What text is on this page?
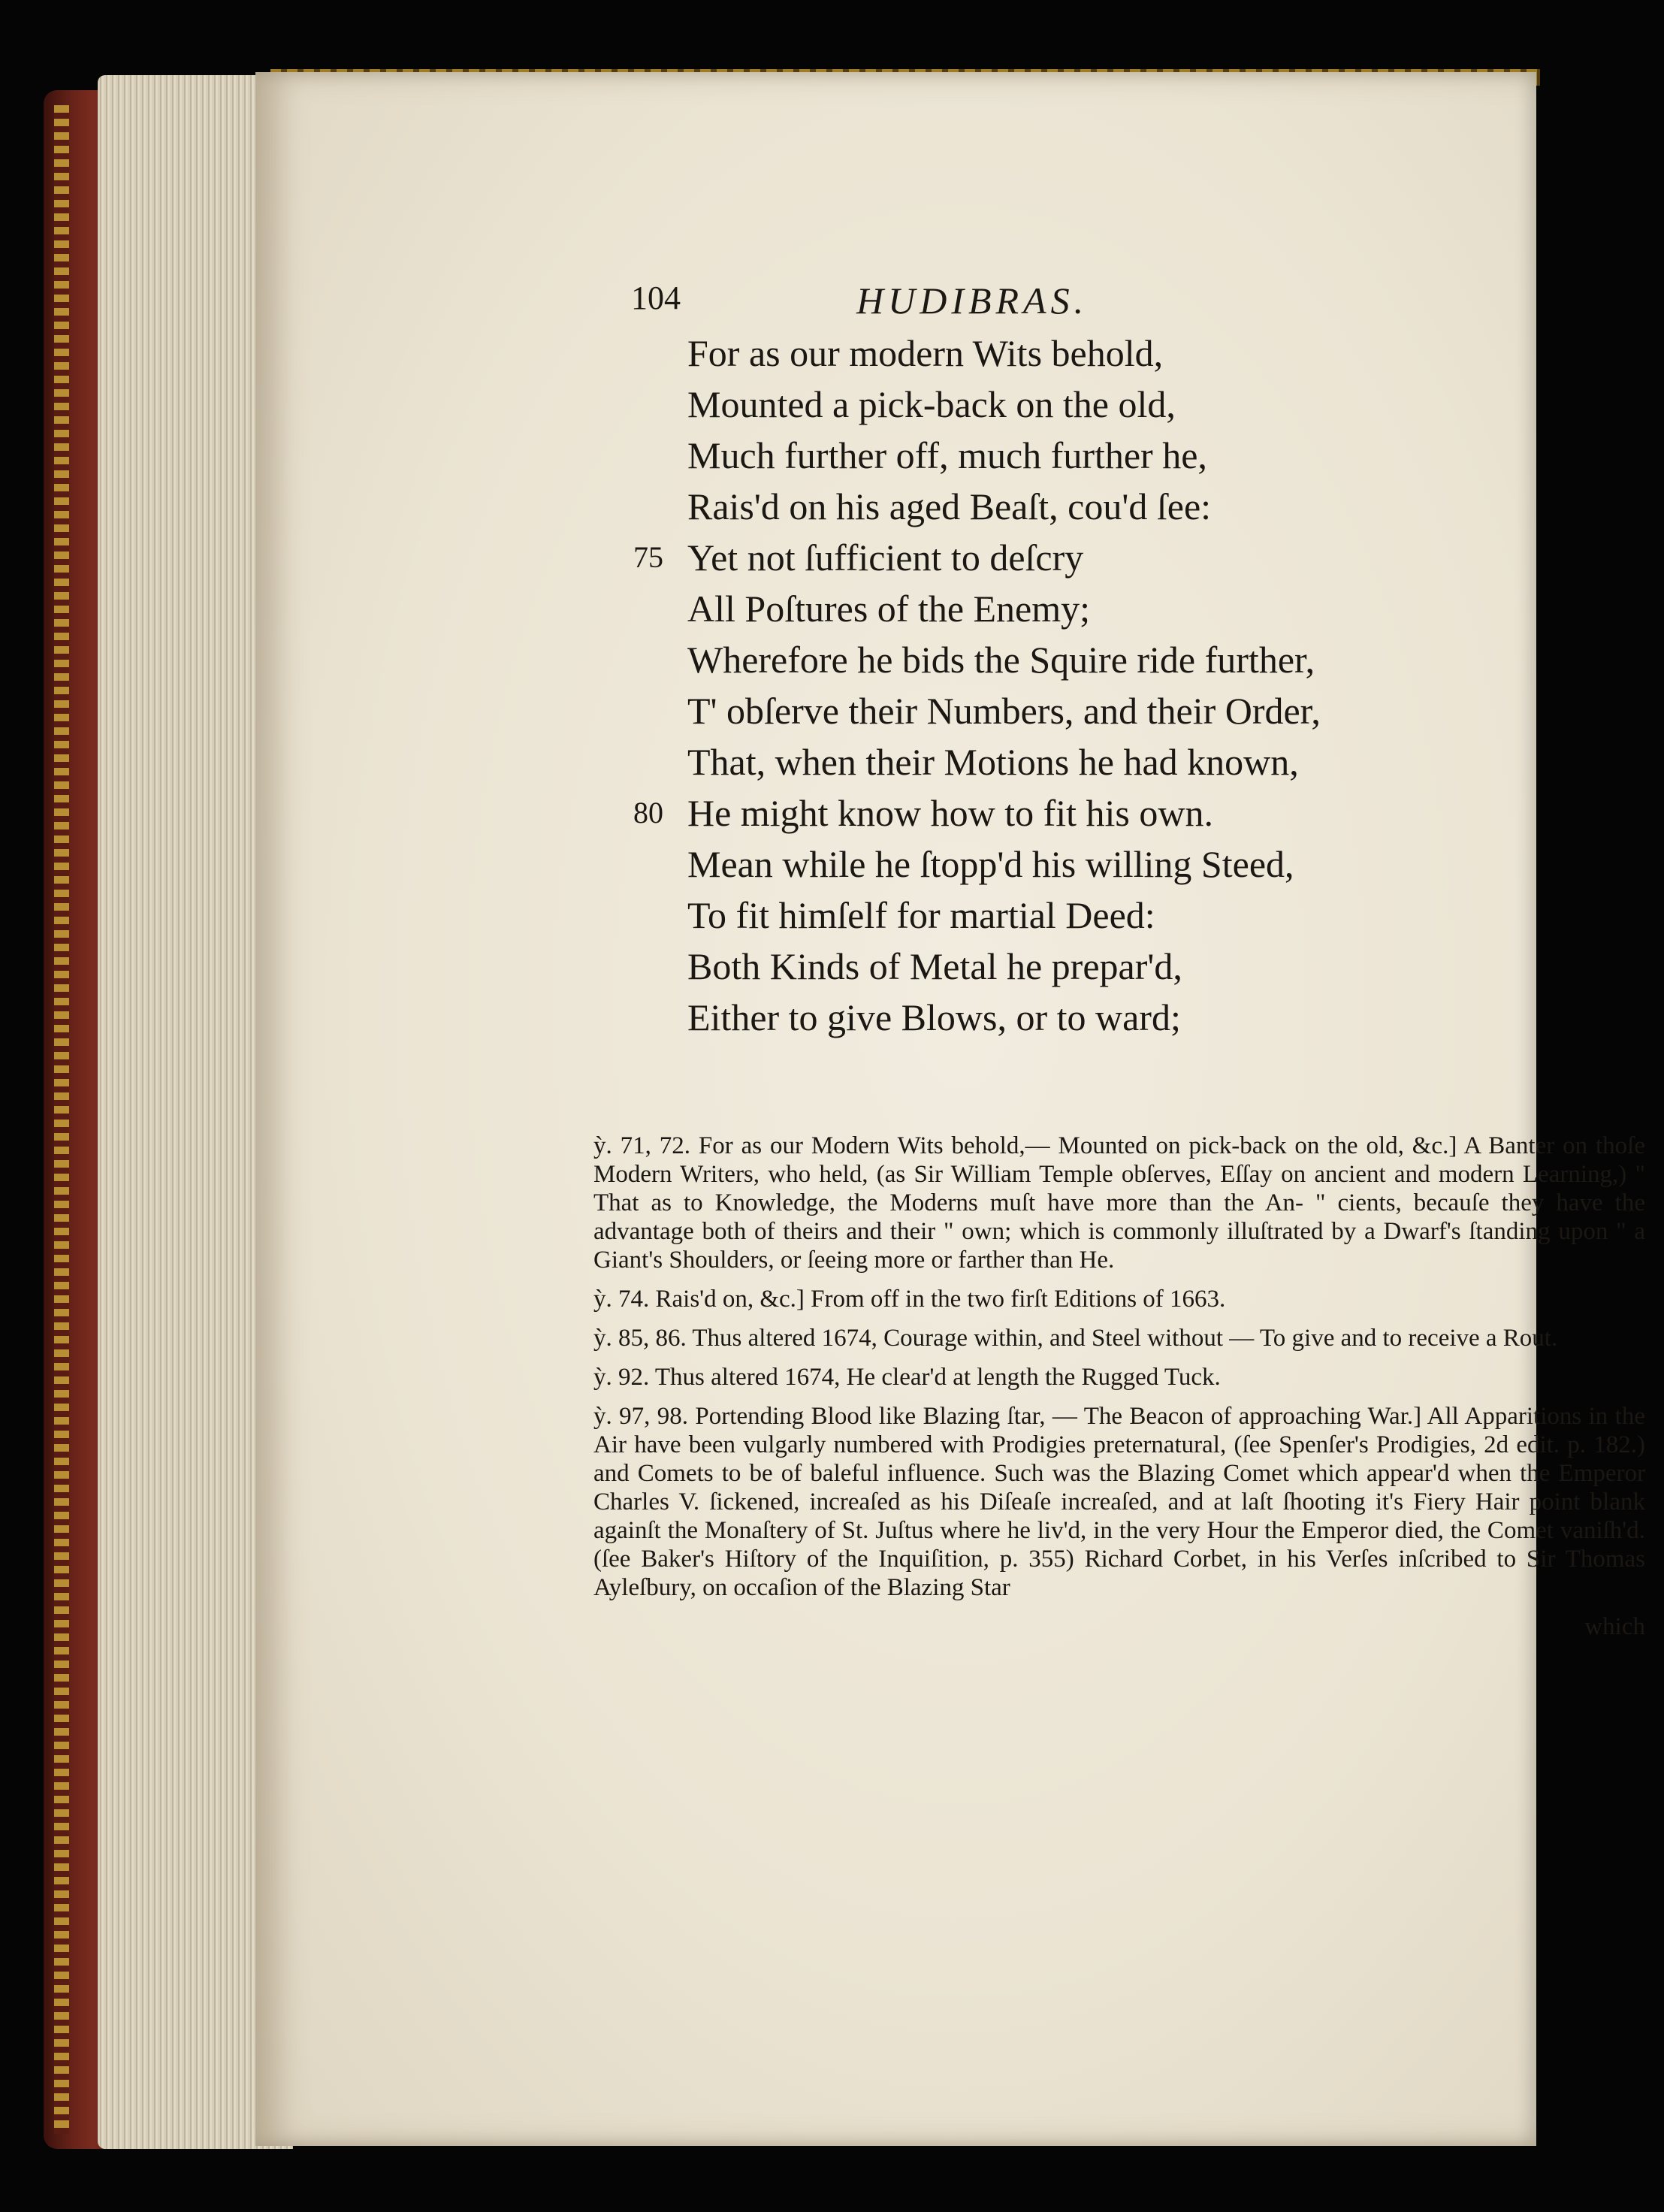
104	HUDIBRAS.
For as our modern Wits behold,
Mounted a pick-back on the old,
Much further off, much further he,
Rais'd on his aged Beaſt, cou'd ſee:
75 Yet not ſufficient to deſcry
All Poſtures of the Enemy;
Wherefore he bids the Squire ride further,
T' obſerve their Numbers, and their Order,
That, when their Motions he had known,
80 He might know how to fit his own.
Mean while he ſtopp'd his willing Steed,
To fit himſelf for martial Deed:
Both Kinds of Metal he prepar'd,
Either to give Blows, or to ward;

ỳ. 71, 72. For as our Modern Wits behold,— Mounted on pick-back on the old, &c.] A Banter on thoſe Modern Writers, who held, (as Sir William Temple obſerves, Eſſay on ancient and modern Learning,) " That as to Knowledge, the Moderns muſt have more than the An- " cients, becauſe they have the advantage both of theirs and their " own; which is commonly illuſtrated by a Dwarf's ſtanding upon " a Giant's Shoulders, or ſeeing more or farther than He.

ỳ. 74. Rais'd on, &c.] From off in the two firſt Editions of 1663.

ỳ. 85, 86. Thus altered 1674, Courage within, and Steel without — To give and to receive a Rout.

ỳ. 92. Thus altered 1674, He clear'd at length the Rugged Tuck.

ỳ. 97, 98. Portending Blood like Blazing ſtar, — The Beacon of approaching War.] All Apparitions in the Air have been vulgarly numbered with Prodigies preternatural, (ſee Spenſer's Prodigies, 2d edit. p. 182.) and Comets to be of baleful influence. Such was the Blazing Comet which appear'd when the Emperor Charles V. ſickened, increaſed as his Diſeaſe increaſed, and at laſt ſhooting it's Fiery Hair point blank againſt the Monaſtery of St. Juſtus where he liv'd, in the very Hour the Emperor died, the Comet vaniſh'd. (ſee Baker's Hiſtory of the Inquiſition, p. 355) Richard Corbet, in his Verſes inſcribed to Sir Thomas Ayleſbury, on occaſion of the Blazing Star

which
